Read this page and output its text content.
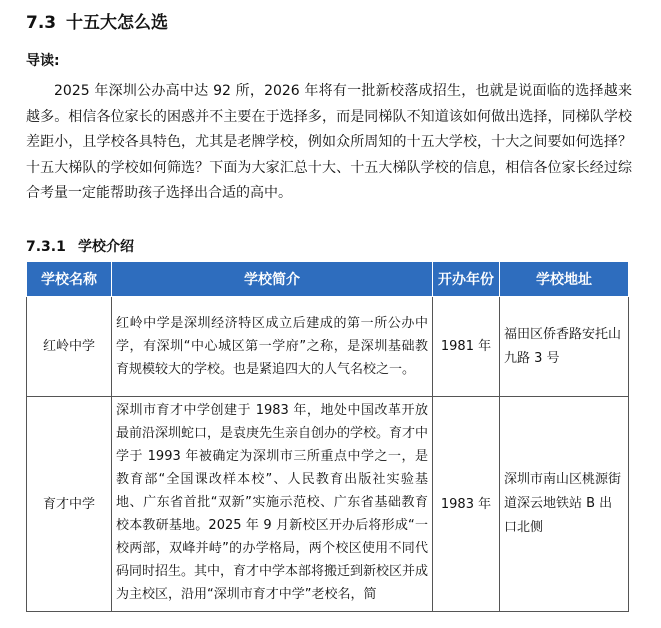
7.3 十五大怎么选
导读:

2025 年深圳公办高中达 92 所，2026 年将有一批新校落成招生，也就是说面临的选择越来越多。相信各位家长的困惑并不主要在于选择多，而是同梯队不知道该如何做出选择，同梯队学校差距小，且学校各具特色，尤其是老牌学校，例如众所周知的十五大学校，十大之间要如何选择？十五大梯队的学校如何筛选？下面为大家汇总十大、十五大梯队学校的信息，相信各位家长经过综合考量一定能帮助孩子选择出合适的高中。

7.3.1 学校介绍
学校名称	学校简介	开办年份	学校地址
红岭中学	红岭中学是深圳经济特区成立后建成的第一所公办中学，有深圳“中心城区第一学府”之称，是深圳基础教育规模较大的学校。也是紧追四大的人气名校之一。	1981 年	福田区侨香路安托山九路 3 号
育才中学	深圳市育才中学创建于 1983 年，地处中国改革开放最前沿深圳蛇口，是袁庚先生亲自创办的学校。育才中学于 1993 年被确定为深圳市三所重点中学之一，是教育部“全国课改样本校”、人民教育出版社实验基地、广东省首批“双新”实施示范校、广东省基础教育校本教研基地。2025 年 9 月新校区开办后将形成“一校两部，双峰并峙”的办学格局，两个校区使用不同代码同时招生。其中，育才中学本部将搬迁到新校区并成为主校区，沿用“深圳市育才中学”老校名，简	1983 年	深圳市南山区桃源街道深云地铁站 B 出口北侧
